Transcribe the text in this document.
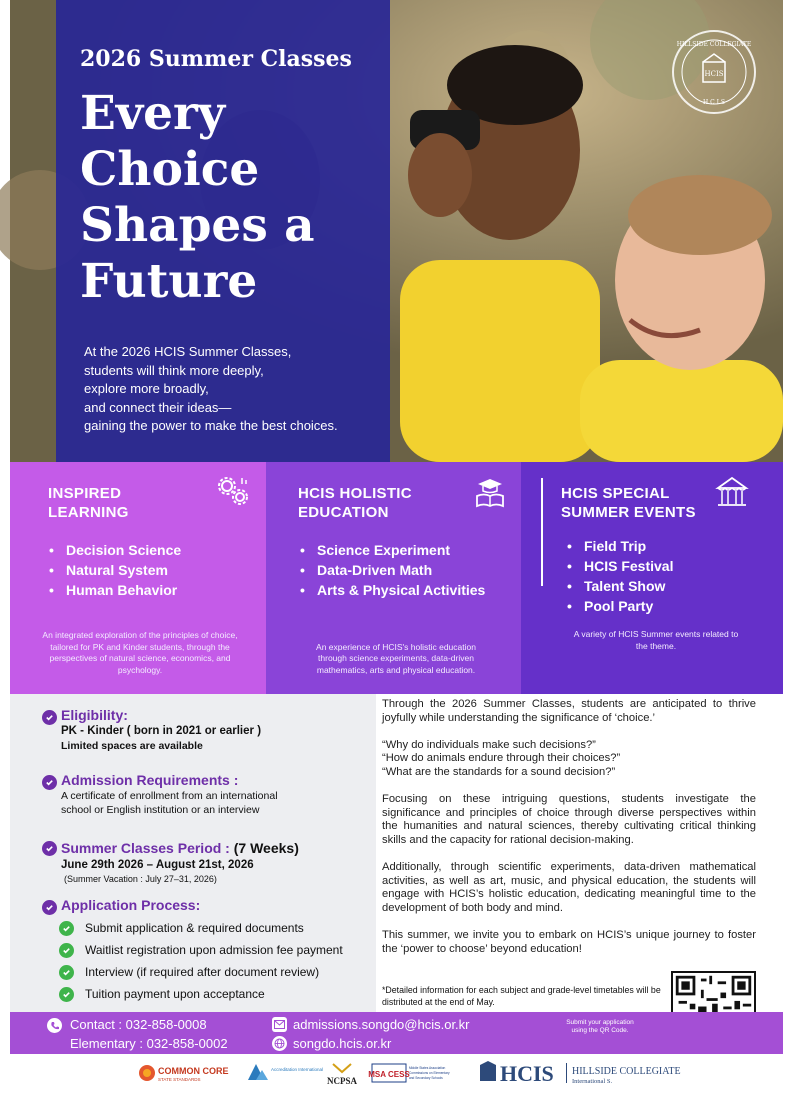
HCIS
HILLSIDE COLLEGIATE
H C I S
2026 Summer Classes
Every Choice Shapes a Future
At the 2026 HCIS Summer Classes,
students will think more deeply,
explore more broadly,
and connect their ideas—
gaining the power to make the best choices.
INSPIRED LEARNING
• Decision Science
• Natural System
• Human Behavior
An integrated exploration of the principles of choice, tailored for PK and Kinder students, through the perspectives of natural science, economics, and psychology.
HCIS HOLISTIC EDUCATION
• Science Experiment
• Data-Driven Math
• Arts & Physical Activities
An experience of HCIS's holistic education through science experiments, data-driven mathematics, arts and physical education.
HCIS SPECIAL SUMMER EVENTS
• Field Trip
• HCIS Festival
• Talent Show
• Pool Party
A variety of HCIS Summer events related to the theme.
Eligibility:
PK - Kinder ( born in 2021 or earlier )
Limited spaces are available
Admission Requirements :
A certificate of enrollment from an international
school or English institution or an interview
Summer Classes Period : (7 Weeks)
June 29th 2026 – August 21st, 2026
(Summer Vacation : July 27–31, 2026)
Application Process:
Submit application & required documents
Waitlist registration upon admission fee payment
Interview (if required after document review)
Tuition payment upon acceptance

Through the 2026 Summer Classes, students are anticipated to thrive joyfully while understanding the significance of ‘choice.’

“Why do individuals make such decisions?”

“How do animals endure through their choices?”

“What are the standards for a sound decision?”

Focusing on these intriguing questions, students investigate the significance and principles of choice through diverse perspectives within the humanities and natural sciences, thereby cultivating critical thinking skills and the capacity for rational decision-making.

Additionally, through scientific experiments, data-driven mathematical activities, as well as art, music, and physical education, the students will engage with HCIS’s holistic education, dedicating meaningful time to the development of both body and mind.

This summer, we invite you to embark on HCIS’s unique journey to foster the ‘power to choose’ beyond education!

*Detailed information for each subject and grade-level timetables will be distributed at the end of May.
Contact : 032-858-0008
Elementary : 032-858-0002
admissions.songdo@hcis.or.kr
songdo.hcis.or.kr
Submit your application using the QR Code.
COMMON CORE
STATE STANDARDS
Accreditation International
NCPSA
MSA CESS
Middle States Association
Commissions on Elementary
and Secondary Schools	HCIS HILLSIDE COLLEGIATE
International S.
